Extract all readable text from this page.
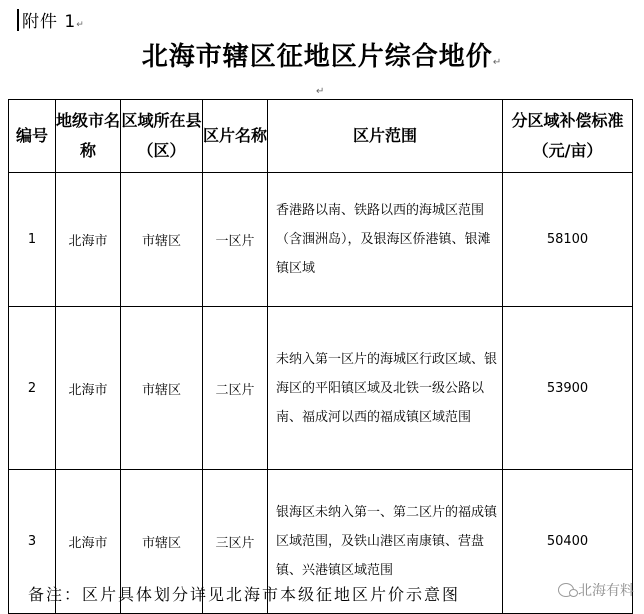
附件 1↵
北海市辖区征地区片综合地价↵
↵
编号	地级市名称	区域所在县（区）	区片名称	区片范围	分区域补偿标准（元/亩）
1	北海市	市辖区	一区片	香港路以南、铁路以西的海城区范围（含涠洲岛），及银海区侨港镇、银滩镇区域	58100
2	北海市	市辖区	二区片	未纳入第一区片的海城区行政区域、银海区的平阳镇区域及北铁一级公路以南、福成河以西的福成镇区域范围	53900
3	北海市	市辖区	三区片	银海区未纳入第一、第二区片的福成镇区域范围，及铁山港区南康镇、营盘镇、兴港镇区域范围	50400
备注：区片具体划分详见北海市本级征地区片价示意图	北海有料
